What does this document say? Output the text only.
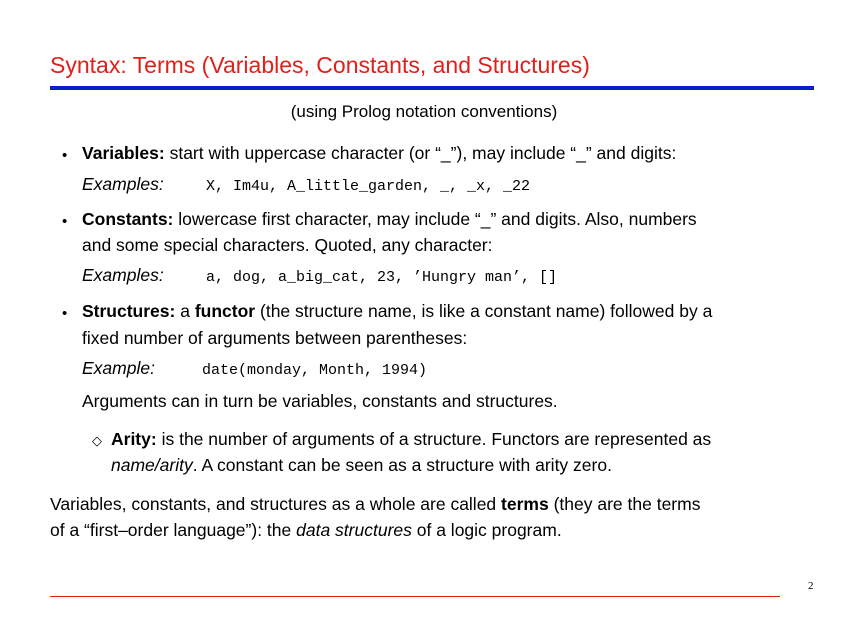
Syntax: Terms (Variables, Constants, and Structures)
(using Prolog notation conventions)
• Variables: start with uppercase character (or “_”), may include “_” and digits:
Examples:	X, Im4u, A_little_garden, _, _x, _22
• Constants: lowercase first character, may include “_” and digits. Also, numbers
and some special characters. Quoted, any character:
Examples:	a, dog, a_big_cat, 23, ’Hungry man’, []
• Structures: a functor (the structure name, is like a constant name) followed by a
fixed number of arguments between parentheses:
Example:	date(monday, Month, 1994)
Arguments can in turn be variables, constants and structures.
◇ Arity: is the number of arguments of a structure. Functors are represented as
name/arity. A constant can be seen as a structure with arity zero.
Variables, constants, and structures as a whole are called terms (they are the terms
of a “first–order language”): the data structures of a logic program.
2
